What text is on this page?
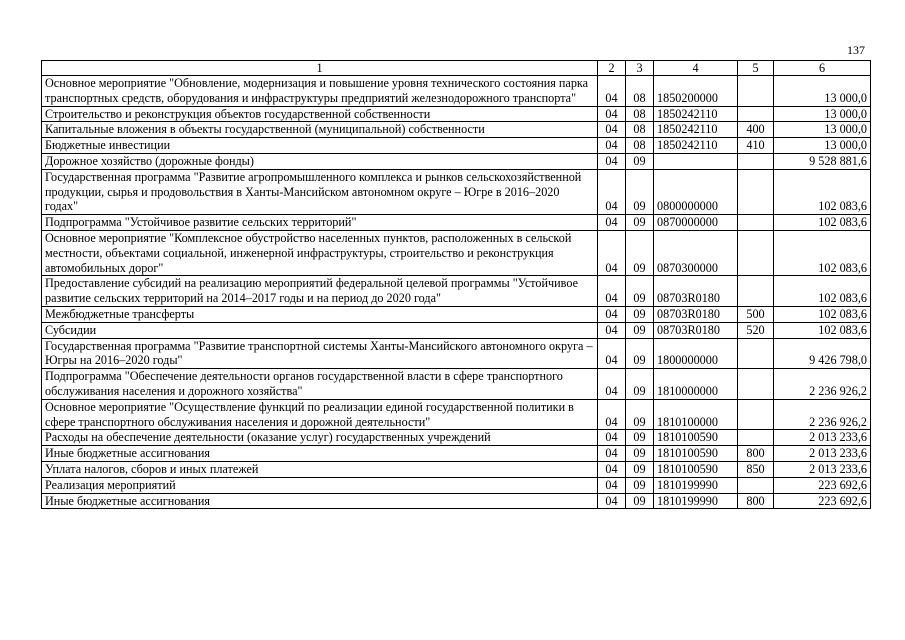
137
1	2	3	4	5	6
Основное мероприятие "Обновление, модернизация и повышение уровня технического состояния парка транспортных средств, оборудования и инфраструктуры предприятий железнодорожного транспорта"	04	08	1850200000		13 000,0
Строительство и реконструкция объектов государственной собственности	04	08	1850242110		13 000,0
Капитальные вложения в объекты государственной (муниципальной) собственности	04	08	1850242110	400	13 000,0
Бюджетные инвестиции	04	08	1850242110	410	13 000,0
Дорожное хозяйство (дорожные фонды)	04	09			9 528 881,6
Государственная программа "Развитие агропромышленного комплекса и рынков сельскохозяйственной продукции, сырья и продовольствия в Ханты-Мансийском автономном округе – Югре в 2016–2020 годах"	04	09	0800000000		102 083,6
Подпрограмма "Устойчивое развитие сельских территорий"	04	09	0870000000		102 083,6
Основное мероприятие "Комплексное обустройство населенных пунктов, расположенных в сельской местности, объектами социальной, инженерной инфраструктуры, строительство и реконструкция автомобильных дорог"	04	09	0870300000		102 083,6
Предоставление субсидий на реализацию мероприятий федеральной целевой программы "Устойчивое развитие сельских территорий на 2014–2017 годы и на период до 2020 года"	04	09	08703R0180		102 083,6
Межбюджетные трансферты	04	09	08703R0180	500	102 083,6
Субсидии	04	09	08703R0180	520	102 083,6
Государственная программа "Развитие транспортной системы Ханты-Мансийского автономного округа – Югры на 2016–2020 годы"	04	09	1800000000		9 426 798,0
Подпрограмма "Обеспечение деятельности органов государственной власти в сфере транспортного обслуживания населения и дорожного хозяйства"	04	09	1810000000		2 236 926,2
Основное мероприятие "Осуществление функций по реализации единой государственной политики в сфере транспортного обслуживания населения и дорожной деятельности"	04	09	1810100000		2 236 926,2
Расходы на обеспечение деятельности (оказание услуг) государственных учреждений	04	09	1810100590		2 013 233,6
Иные бюджетные ассигнования	04	09	1810100590	800	2 013 233,6
Уплата налогов, сборов и иных платежей	04	09	1810100590	850	2 013 233,6
Реализация мероприятий	04	09	1810199990		223 692,6
Иные бюджетные ассигнования	04	09	1810199990	800	223 692,6
